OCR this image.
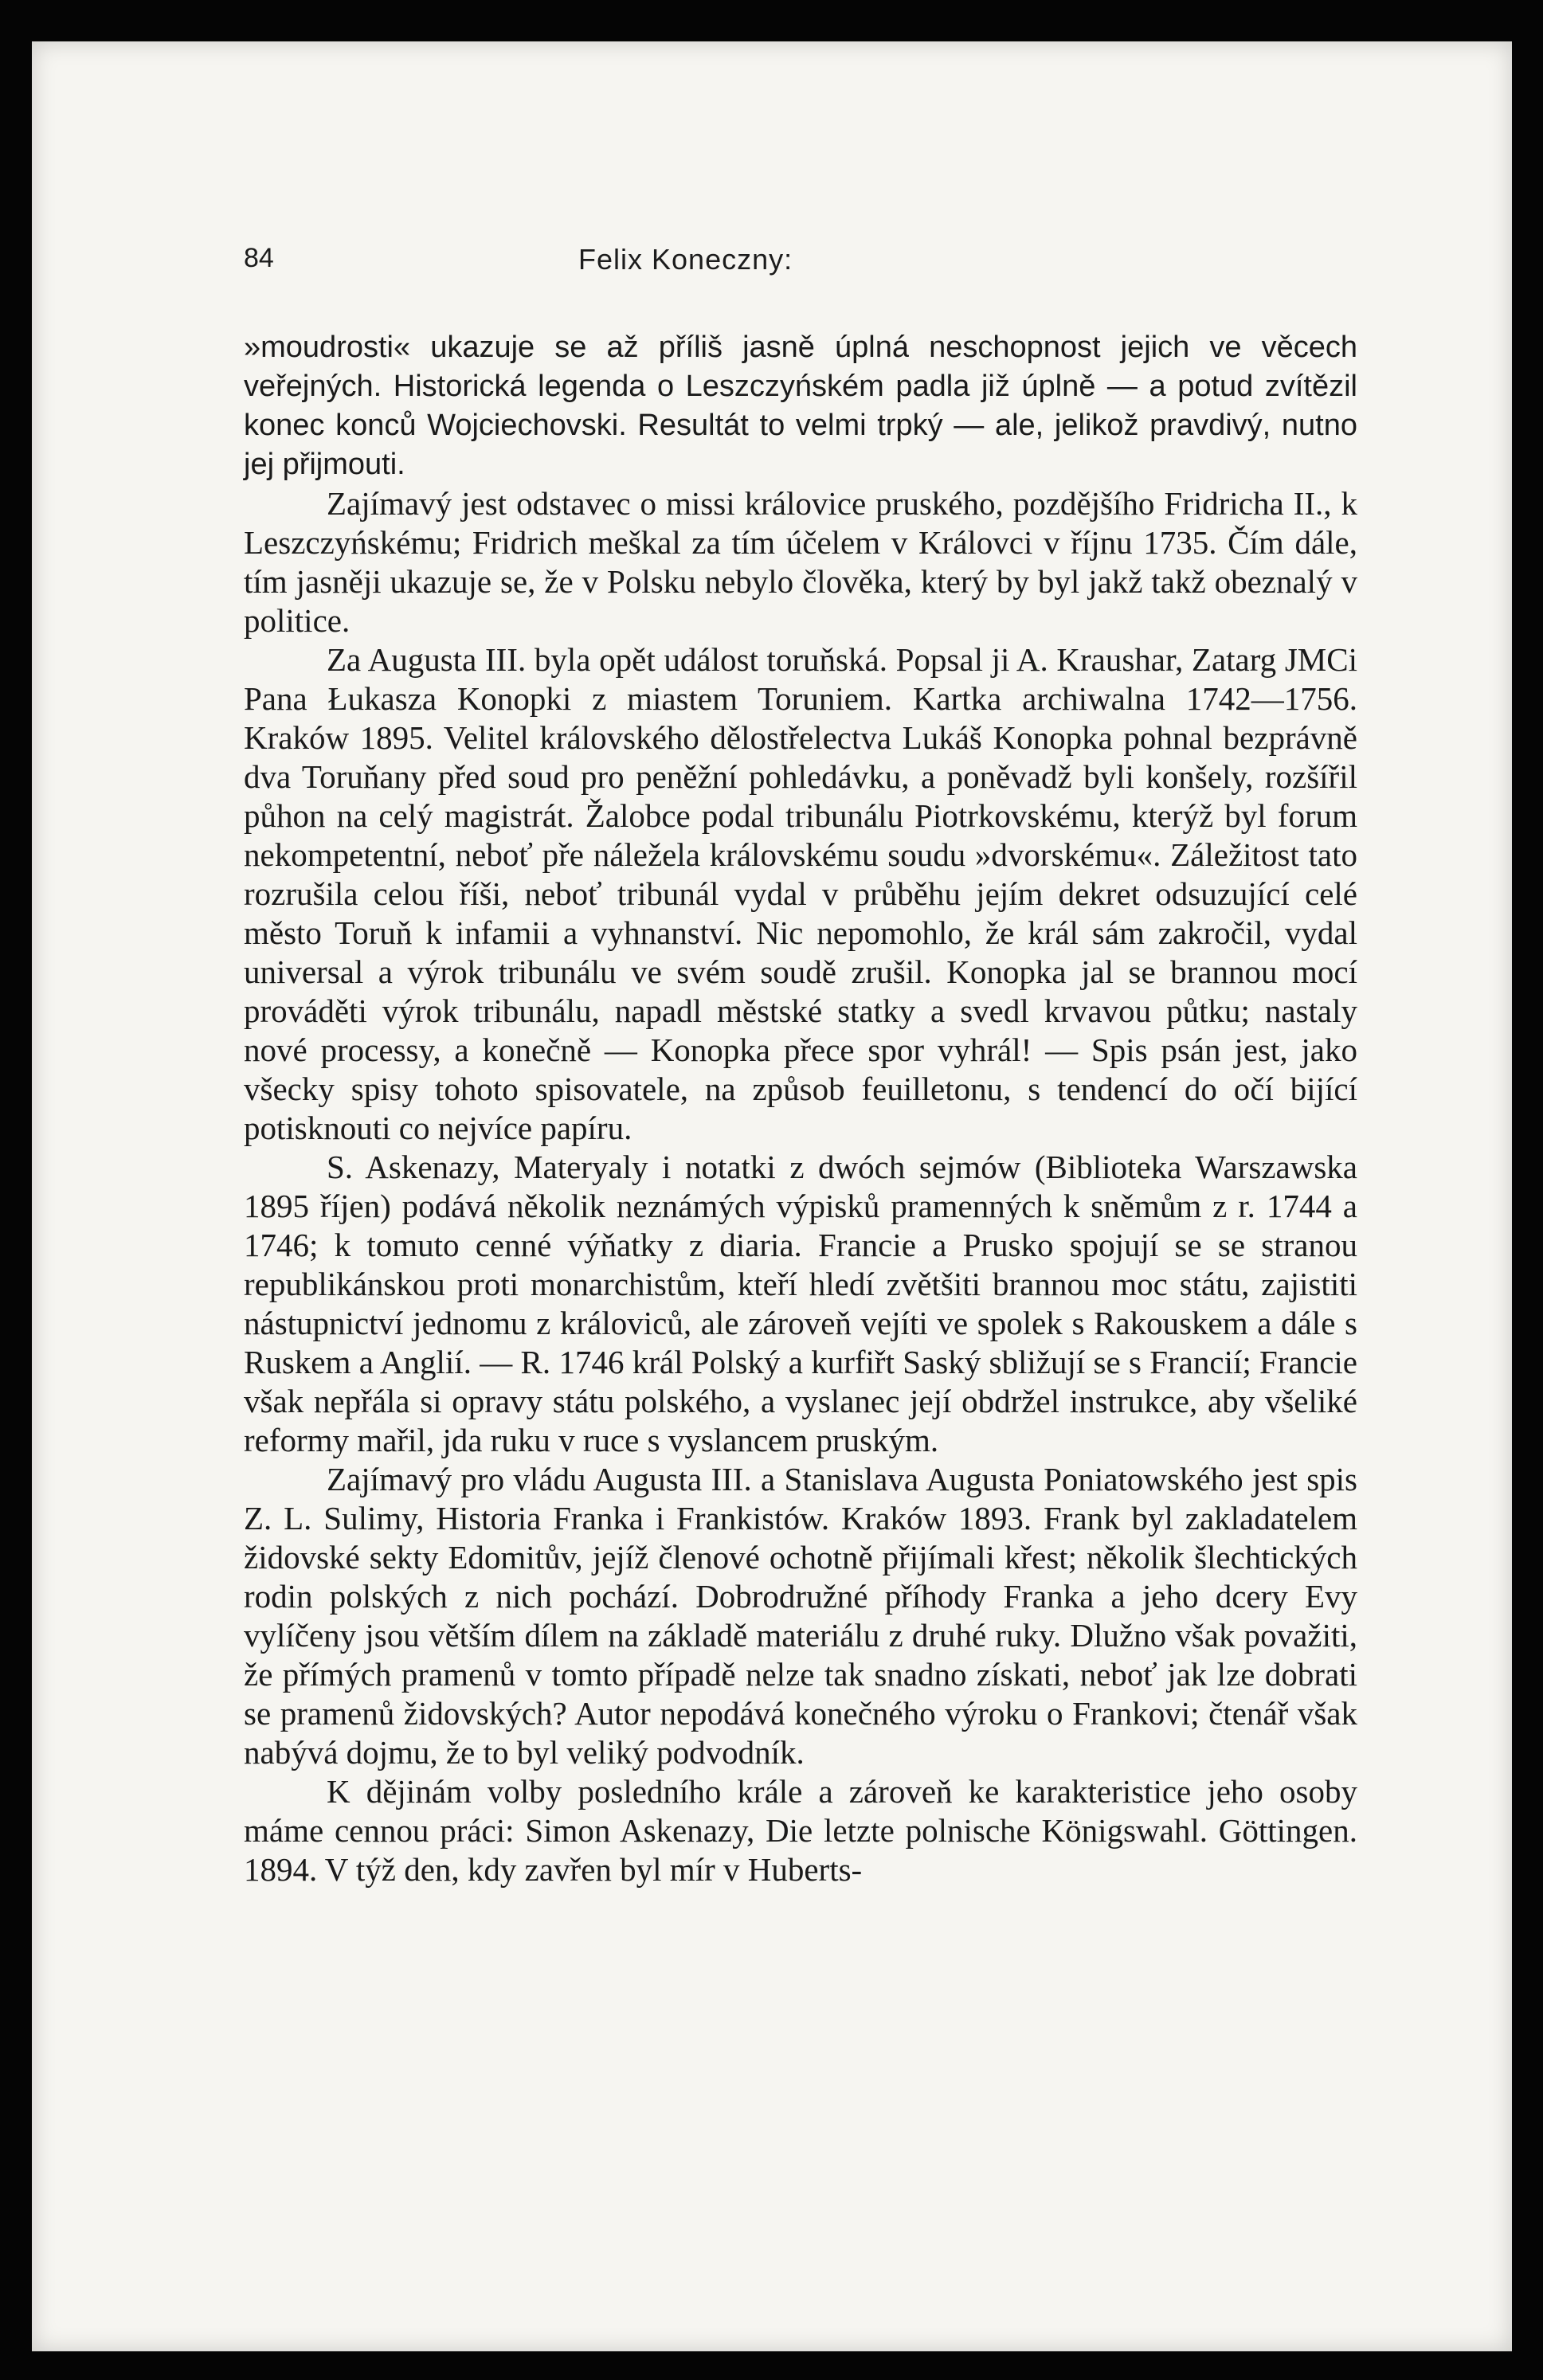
84	Felix Koneczny:

»moudrosti« ukazuje se až příliš jasně úplná neschopnost jejich ve věcech veřejných. Historická legenda o Leszczyńském padla již úplně — a potud zvítězil konec konců Wojciechovski. Resultát to velmi trpký — ale, jelikož pravdivý, nutno jej přijmouti.

Zajímavý jest odstavec o missi královice pruského, pozdějšího Fridricha II., k Leszczyńskému; Fridrich meškal za tím účelem v Královci v říjnu 1735. Čím dále, tím jasněji ukazuje se, že v Polsku nebylo člověka, který by byl jakž takž obeznalý v politice.

Za Augusta III. byla opět událost toruňská. Popsal ji A. Kraushar, Zatarg JMCi Pana Łukasza Konopki z miastem Toruniem. Kartka archiwalna 1742—1756. Kraków 1895. Velitel královského dělostřelectva Lukáš Konopka pohnal bezprávně dva Toruňany před soud pro peněžní pohledávku, a poněvadž byli konšely, rozšířil půhon na celý magistrát. Žalobce podal tribunálu Piotrkovskému, kterýž byl forum nekompetentní, neboť pře náležela královskému soudu »dvorskému«. Záležitost tato rozrušila celou říši, neboť tribunál vydal v průběhu jejím dekret odsuzující celé město Toruň k infamii a vyhnanství. Nic nepomohlo, že král sám zakročil, vydal universal a výrok tribunálu ve svém soudě zrušil. Konopka jal se brannou mocí prováděti výrok tribunálu, napadl městské statky a svedl krvavou půtku; nastaly nové processy, a konečně — Konopka přece spor vyhrál! — Spis psán jest, jako všecky spisy tohoto spisovatele, na způsob feuilletonu, s tendencí do očí bijící potisknouti co nejvíce papíru.

S. Askenazy, Materyaly i notatki z dwóch sejmów (Biblioteka Warszawska 1895 říjen) podává několik neznámých výpisků pramenných k sněmům z r. 1744 a 1746; k tomuto cenné výňatky z diaria. Francie a Prusko spojují se se stranou republikánskou proti monarchistům, kteří hledí zvětšiti brannou moc státu, zajistiti nástupnictví jednomu z královiců, ale zároveň vejíti ve spolek s Rakouskem a dále s Ruskem a Anglií. — R. 1746 král Polský a kurfiřt Saský sbližují se s Francií; Francie však nepřála si opravy státu polského, a vyslanec její obdržel instrukce, aby všeliké reformy mařil, jda ruku v ruce s vyslancem pruským.

Zajímavý pro vládu Augusta III. a Stanislava Augusta Poniatowského jest spis Z. L. Sulimy, Historia Franka i Frankistów. Kraków 1893. Frank byl zakladatelem židovské sekty Edomitův, jejíž členové ochotně přijímali křest; několik šlechtických rodin polských z nich pochází. Dobrodružné příhody Franka a jeho dcery Evy vylíčeny jsou větším dílem na základě materiálu z druhé ruky. Dlužno však považiti, že přímých pramenů v tomto případě nelze tak snadno získati, neboť jak lze dobrati se pramenů židovských? Autor nepodává konečného výroku o Frankovi; čtenář však nabývá dojmu, že to byl veliký podvodník.

K dějinám volby posledního krále a zároveň ke karakteristice jeho osoby máme cennou práci: Simon Askenazy, Die letzte polnische Königswahl. Göttingen. 1894. V týž den, kdy zavřen byl mír v Huberts-
